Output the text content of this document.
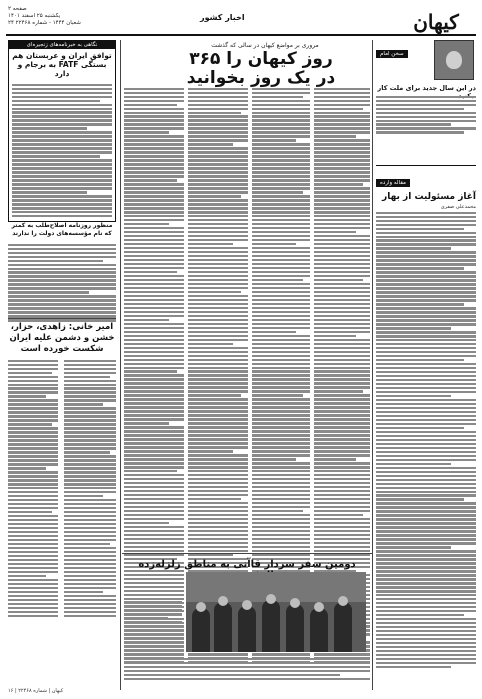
صفحه ۲
یکشنبه ۲۵ اسفند ۱۴۰۱
۲۴ شعبان ۱۴۴۴ - شماره ۲۲۴۶۸
اخبار کشور	کیهان
سخن امام
در این سال جدید برای ملت کار
مقاله وارده
آغاز مسئولیت از بهار
محمدعلی صفری
مروری بر مواضع کیهان در سالی که گذشت
۳۶۵ روز کیهان را
در یک روز بخوانید
نگاهی به خبرنامه‌های زنجیره‌ای
توافق ایران و عربستان هم به برجام و FATF بستگی دارد
منظور روزنامه اصلاح‌طلب به کمتر که نام مؤسسه‌های دولت را ندارند
امیر خانی: زاهدی، حزار، خشن و دشمن علیه ایران شکست خورده است
دومین سفر سردار قاآنی به مناطق زلزله‌زده
۱۶ | کیهان | شماره ۲۲۴۶۸
